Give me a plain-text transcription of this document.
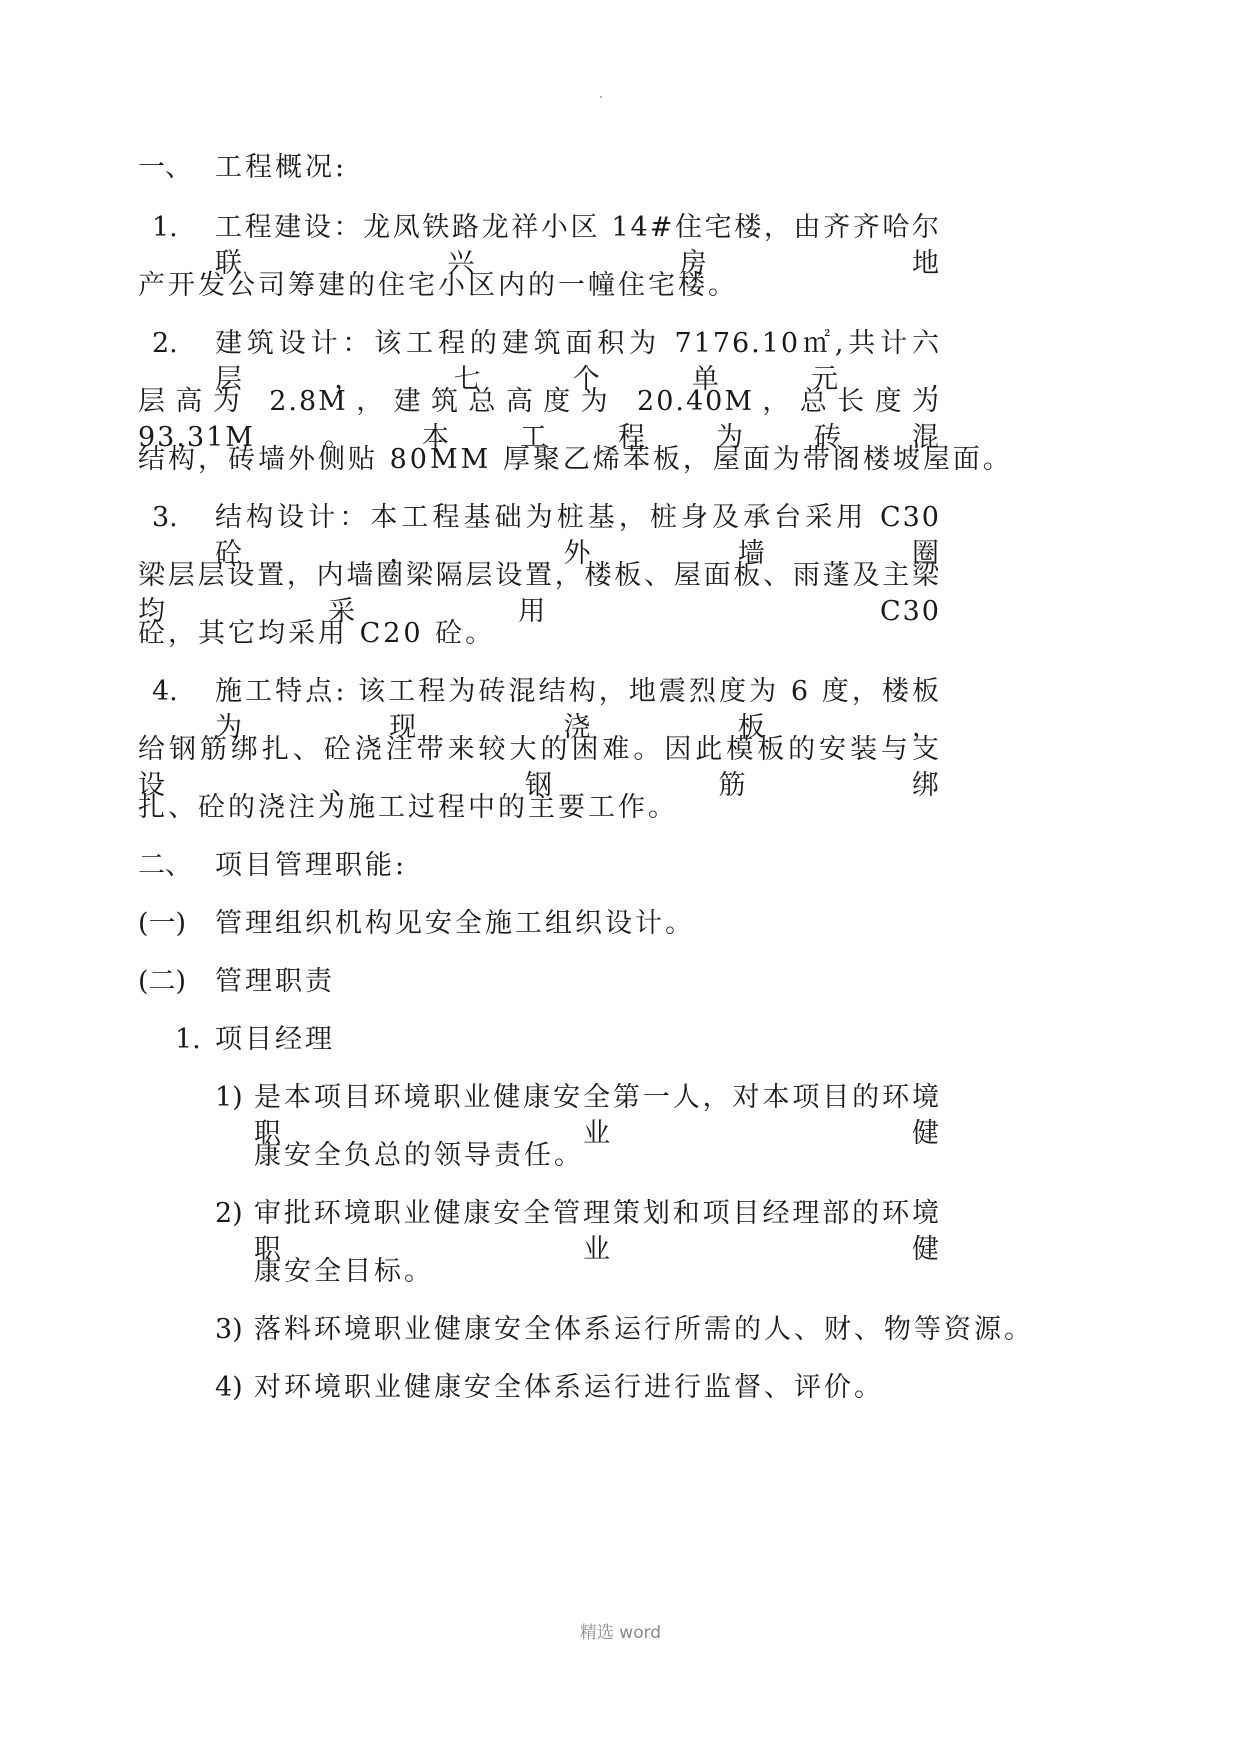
一、 工程概况:
1. 工程建设：龙凤铁路龙祥小区 14#住宅楼，由齐齐哈尔联兴房地
产开发公司筹建的住宅小区内的一幢住宅楼。
2. 建筑设计：该工程的建筑面积为 7176.10㎡,共计六层，七个单元,
层高为 2.8M，建筑总高度为 20.40M，总长度为 93.31M。本工程为砖混
结构，砖墙外侧贴 80MM 厚聚乙烯苯板，屋面为带阁楼坡屋面。
3. 结构设计：本工程基础为桩基，桩身及承台采用 C30 砼，外墙圈
梁层层设置，内墙圈梁隔层设置，楼板、屋面板、雨蓬及主梁均采用 C30
砼，其它均采用 C20 砼。
4. 施工特点: 该工程为砖混结构，地震烈度为 6 度，楼板为现浇板，
给钢筋绑扎、砼浇注带来较大的困难。因此模板的安装与支设、钢筋绑
扎、砼的浇注为施工过程中的主要工作。
二、 项目管理职能:
(一) 管理组织机构见安全施工组织设计。
(二) 管理职责
1. 项目经理
1) 是本项目环境职业健康安全第一人，对本项目的环境职业健
康安全负总的领导责任。
2) 审批环境职业健康安全管理策划和项目经理部的环境职业健
康安全目标。
3) 落料环境职业健康安全体系运行所需的人、财、物等资源。
4) 对环境职业健康安全体系运行进行监督、评价。
精选 word
